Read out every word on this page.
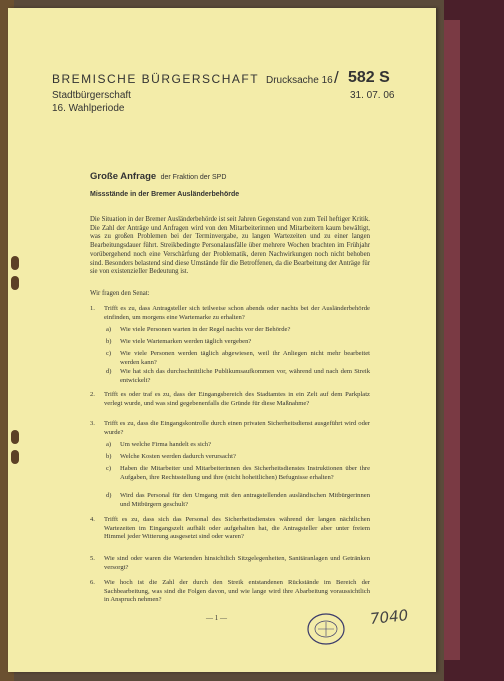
BREMISCHE BÜRGERSCHAFT
Stadtbürgerschaft
16. Wahlperiode
Drucksache 16 / 582 S
31. 07. 06
Große Anfrage der Fraktion der SPD
Missstände in der Bremer Ausländerbehörde

Die Situation in der Bremer Ausländerbehörde ist seit Jahren Gegenstand von zum Teil heftiger Kritik. Die Zahl der Anträge und Anfragen wird von den Mitarbeiterinnen und Mitarbeitern kaum bewältigt, was zu großen Problemen bei der Terminvergabe, zu langen Wartezeiten und zu einer langen Bearbeitungsdauer führt. Streikbedingte Personalausfälle über mehrere Wochen brachten im Frühjahr vorübergehend noch eine Verschärfung der Problematik, deren Nachwirkungen noch nicht behoben sind. Besonders belastend sind diese Umstände für die Betroffenen, da die Bearbeitung der Anträge für sie von existenzieller Bedeutung ist.

Wir fragen den Senat:
1. Trifft es zu, dass Antragsteller sich teilweise schon abends oder nachts bei der Ausländerbehörde einfinden, um morgens eine Wartemarke zu erhalten?
a) Wie viele Personen warten in der Regel nachts vor der Behörde?
b) Wie viele Wartemarken werden täglich vergeben?
c) Wie viele Personen werden täglich abgewiesen, weil ihr Anliegen nicht mehr bearbeitet werden kann?
d) Wie hat sich das durchschnittliche Publikumsaufkommen vor, während und nach dem Streik entwickelt?
2. Trifft es oder traf es zu, dass der Eingangsbereich des Stadtamtes in ein Zelt auf dem Parkplatz verlegt wurde, und was sind gegebenenfalls die Gründe für diese Maßnahme?
3. Trifft es zu, dass die Eingangskontrolle durch einen privaten Sicherheitsdienst ausgeführt wird oder wurde?
a) Um welche Firma handelt es sich?
b) Welche Kosten werden dadurch verursacht?
c) Haben die Mitarbeiter und Mitarbeiterinnen des Sicherheitsdienstes Instruktionen über ihre Aufgaben, ihre Rechtsstellung und ihre (nicht hoheitlichen) Befugnisse erhalten?
d) Wird das Personal für den Umgang mit den antragstellenden ausländischen Mitbürgerinnen und Mitbürgern geschult?
4. Trifft es zu, dass sich das Personal des Sicherheitsdienstes während der langen nächtlichen Wartezeiten im Eingangszelt aufhält oder aufgehalten hat, die Antragsteller aber unter freiem Himmel jeder Witterung ausgesetzt sind oder waren?
5. Wie sind oder waren die Wartenden hinsichtlich Sitzgelegenheiten, Sanitäranlagen und Getränken versorgt?
6. Wie hoch ist die Zahl der durch den Streik entstandenen Rückstände im Bereich der Sachbearbeitung, was sind die Folgen davon, und wie lange wird ihre Abarbeitung voraussichtlich in Anspruch nehmen?
— 1 —	7040
